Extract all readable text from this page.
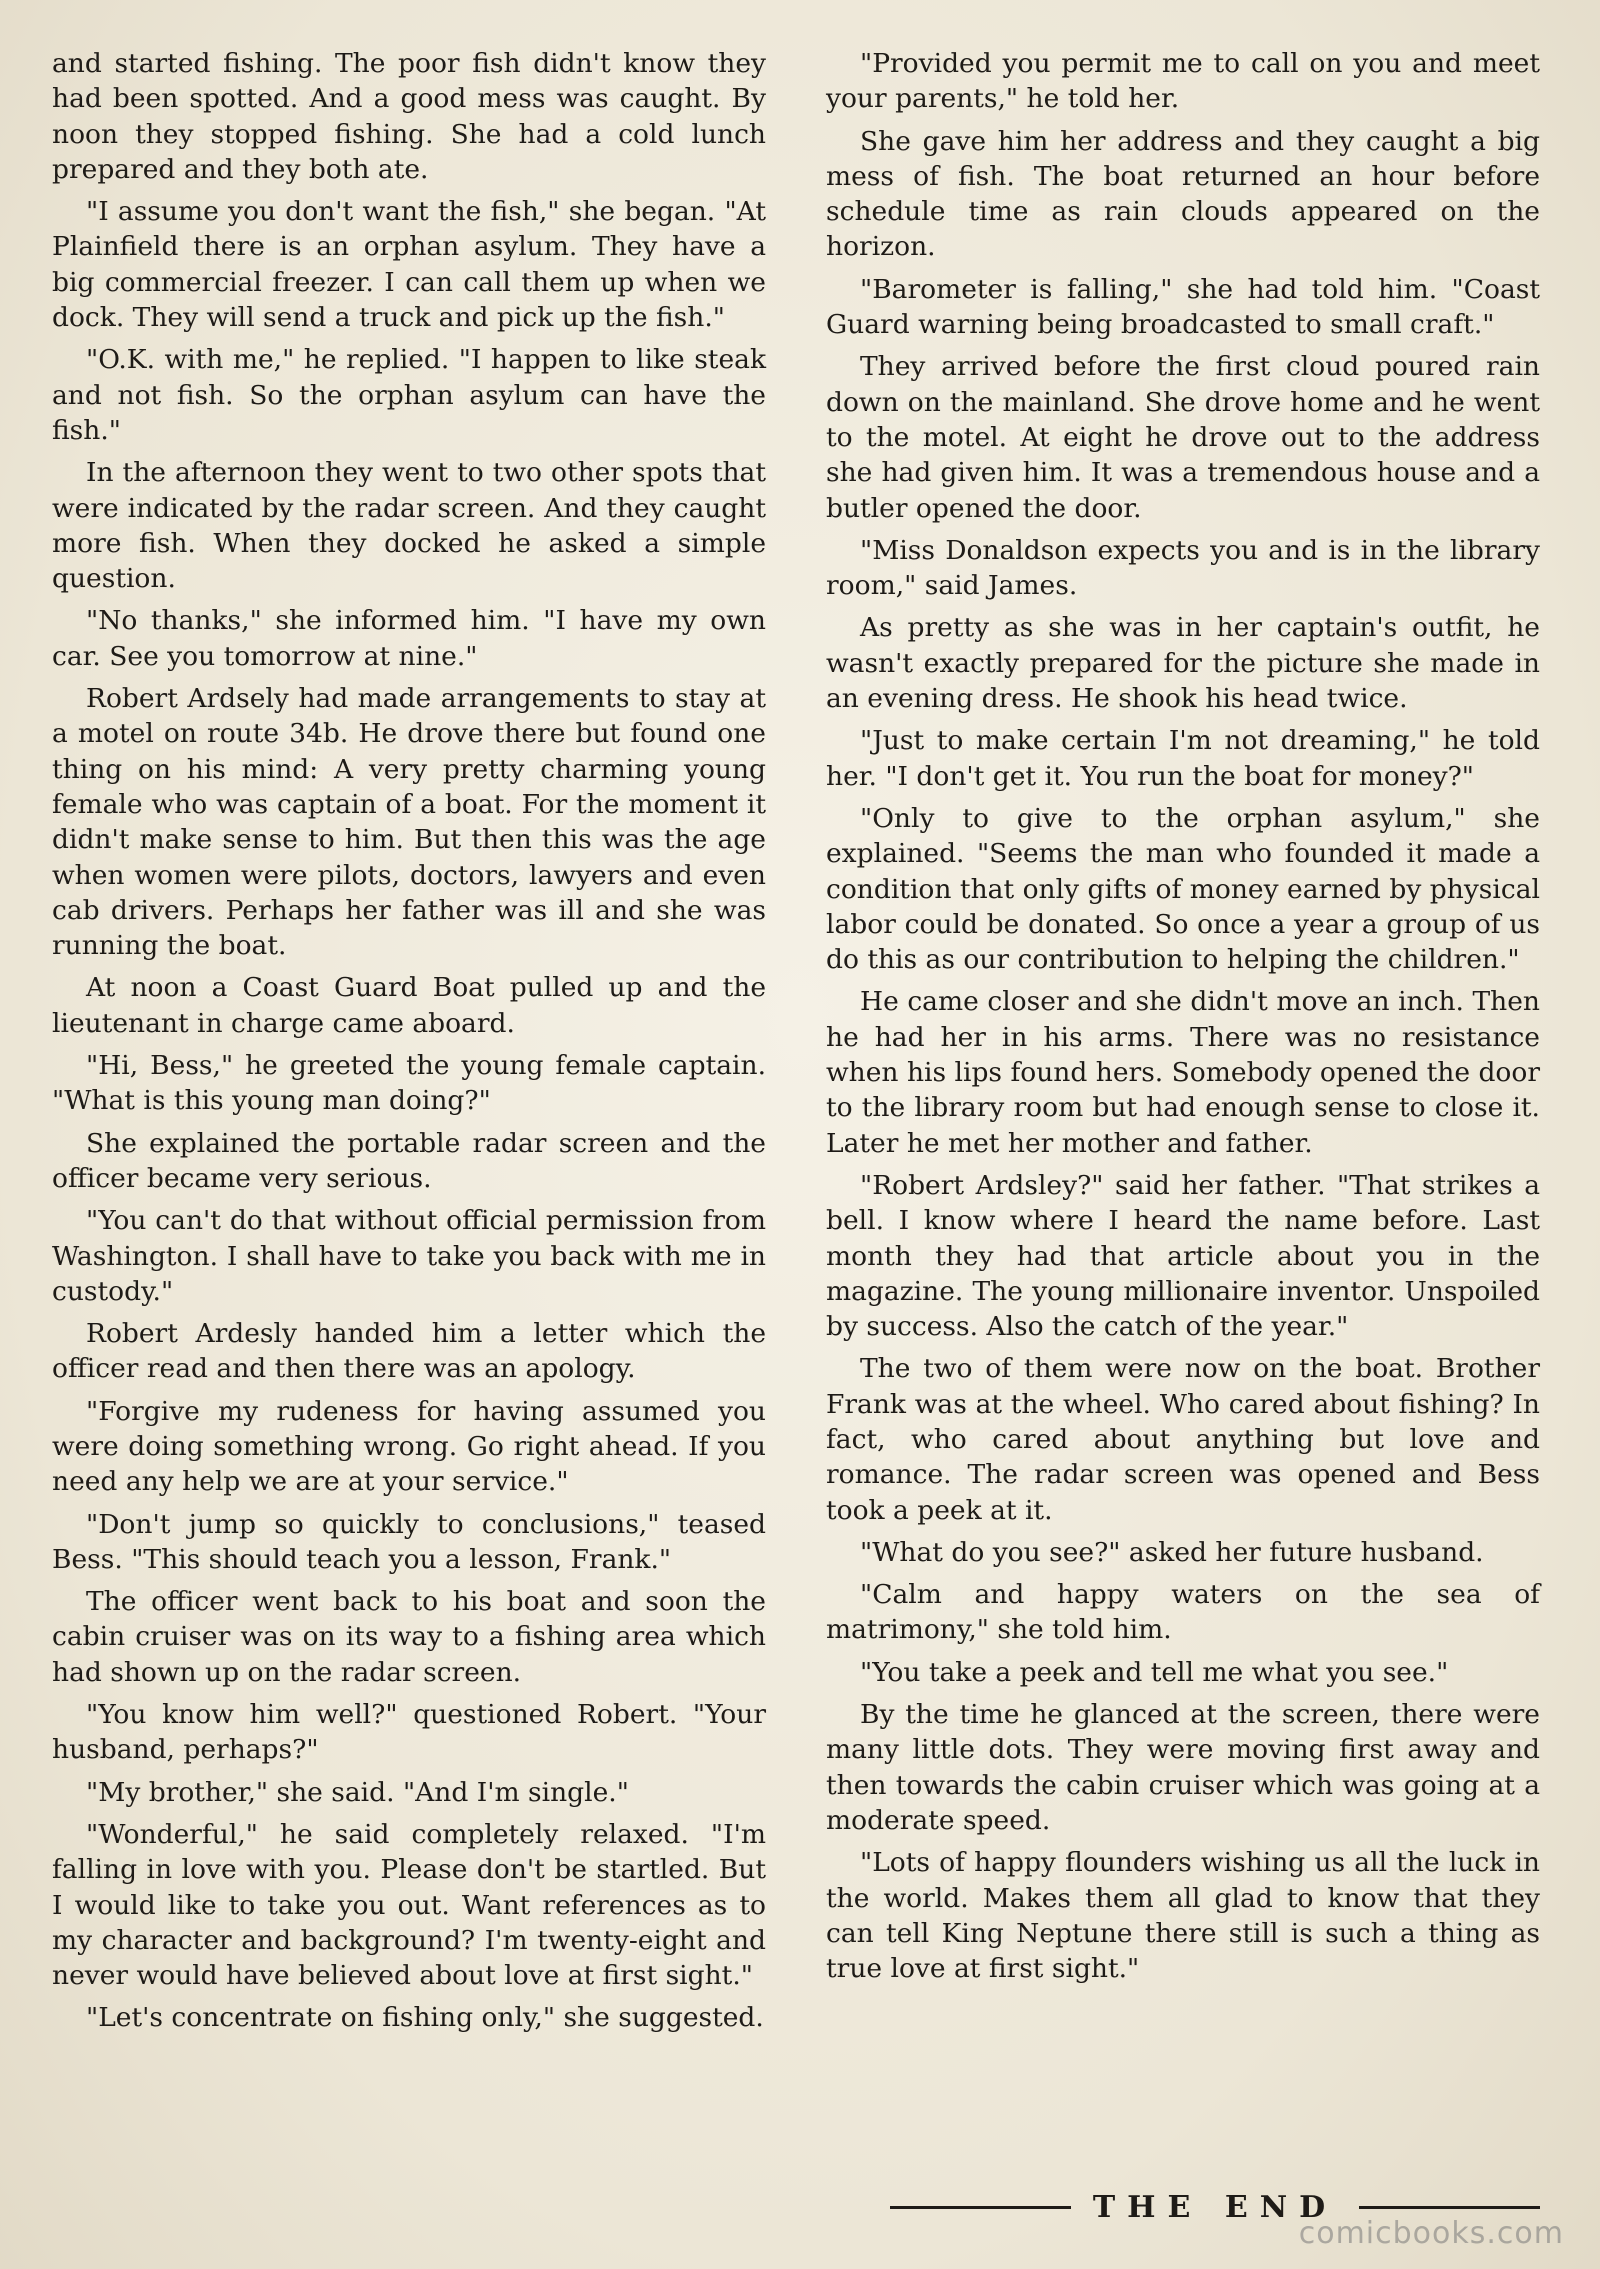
and started fishing. The poor fish didn't know they had been spotted. And a good mess was caught. By noon they stopped fishing. She had a cold lunch prepared and they both ate.

"I assume you don't want the fish," she began. "At Plainfield there is an orphan asylum. They have a big commercial freezer. I can call them up when we dock. They will send a truck and pick up the fish."

"O.K. with me," he replied. "I happen to like steak and not fish. So the orphan asylum can have the fish."

In the afternoon they went to two other spots that were indicated by the radar screen. And they caught more fish. When they docked he asked a simple question.

"No thanks," she informed him. "I have my own car. See you tomorrow at nine."

Robert Ardsely had made arrangements to stay at a motel on route 34b. He drove there but found one thing on his mind: A very pretty charming young female who was captain of a boat. For the moment it didn't make sense to him. But then this was the age when women were pilots, doctors, lawyers and even cab drivers. Perhaps her father was ill and she was running the boat.

At noon a Coast Guard Boat pulled up and the lieutenant in charge came aboard.

"Hi, Bess," he greeted the young female captain. "What is this young man doing?"

She explained the portable radar screen and the officer became very serious.

"You can't do that without official permission from Washington. I shall have to take you back with me in custody."

Robert Ardesly handed him a letter which the officer read and then there was an apology.

"Forgive my rudeness for having assumed you were doing something wrong. Go right ahead. If you need any help we are at your service."

"Don't jump so quickly to conclusions," teased Bess. "This should teach you a lesson, Frank."

The officer went back to his boat and soon the cabin cruiser was on its way to a fishing area which had shown up on the radar screen.

"You know him well?" questioned Robert. "Your husband, perhaps?"

"My brother," she said. "And I'm single."

"Wonderful," he said completely relaxed. "I'm falling in love with you. Please don't be startled. But I would like to take you out. Want references as to my character and background? I'm twenty-eight and never would have believed about love at first sight."

"Let's concentrate on fishing only," she suggested.

"Provided you permit me to call on you and meet your parents," he told her.

She gave him her address and they caught a big mess of fish. The boat returned an hour before schedule time as rain clouds appeared on the horizon.

"Barometer is falling," she had told him. "Coast Guard warning being broadcasted to small craft."

They arrived before the first cloud poured rain down on the mainland. She drove home and he went to the motel. At eight he drove out to the address she had given him. It was a tremendous house and a butler opened the door.

"Miss Donaldson expects you and is in the library room," said James.

As pretty as she was in her captain's outfit, he wasn't exactly prepared for the picture she made in an evening dress. He shook his head twice.

"Just to make certain I'm not dreaming," he told her. "I don't get it. You run the boat for money?"

"Only to give to the orphan asylum," she explained. "Seems the man who founded it made a condition that only gifts of money earned by physical labor could be donated. So once a year a group of us do this as our contribution to helping the children."

He came closer and she didn't move an inch. Then he had her in his arms. There was no resistance when his lips found hers. Somebody opened the door to the library room but had enough sense to close it. Later he met her mother and father.

"Robert Ardsley?" said her father. "That strikes a bell. I know where I heard the name before. Last month they had that article about you in the magazine. The young millionaire inventor. Unspoiled by success. Also the catch of the year."

The two of them were now on the boat. Brother Frank was at the wheel. Who cared about fishing? In fact, who cared about anything but love and romance. The radar screen was opened and Bess took a peek at it.

"What do you see?" asked her future husband.

"Calm and happy waters on the sea of matrimony," she told him.

"You take a peek and tell me what you see."

By the time he glanced at the screen, there were many little dots. They were moving first away and then towards the cabin cruiser which was going at a moderate speed.

"Lots of happy flounders wishing us all the luck in the world. Makes them all glad to know that they can tell King Neptune there still is such a thing as true love at first sight."

THE END
comicbooks.com
